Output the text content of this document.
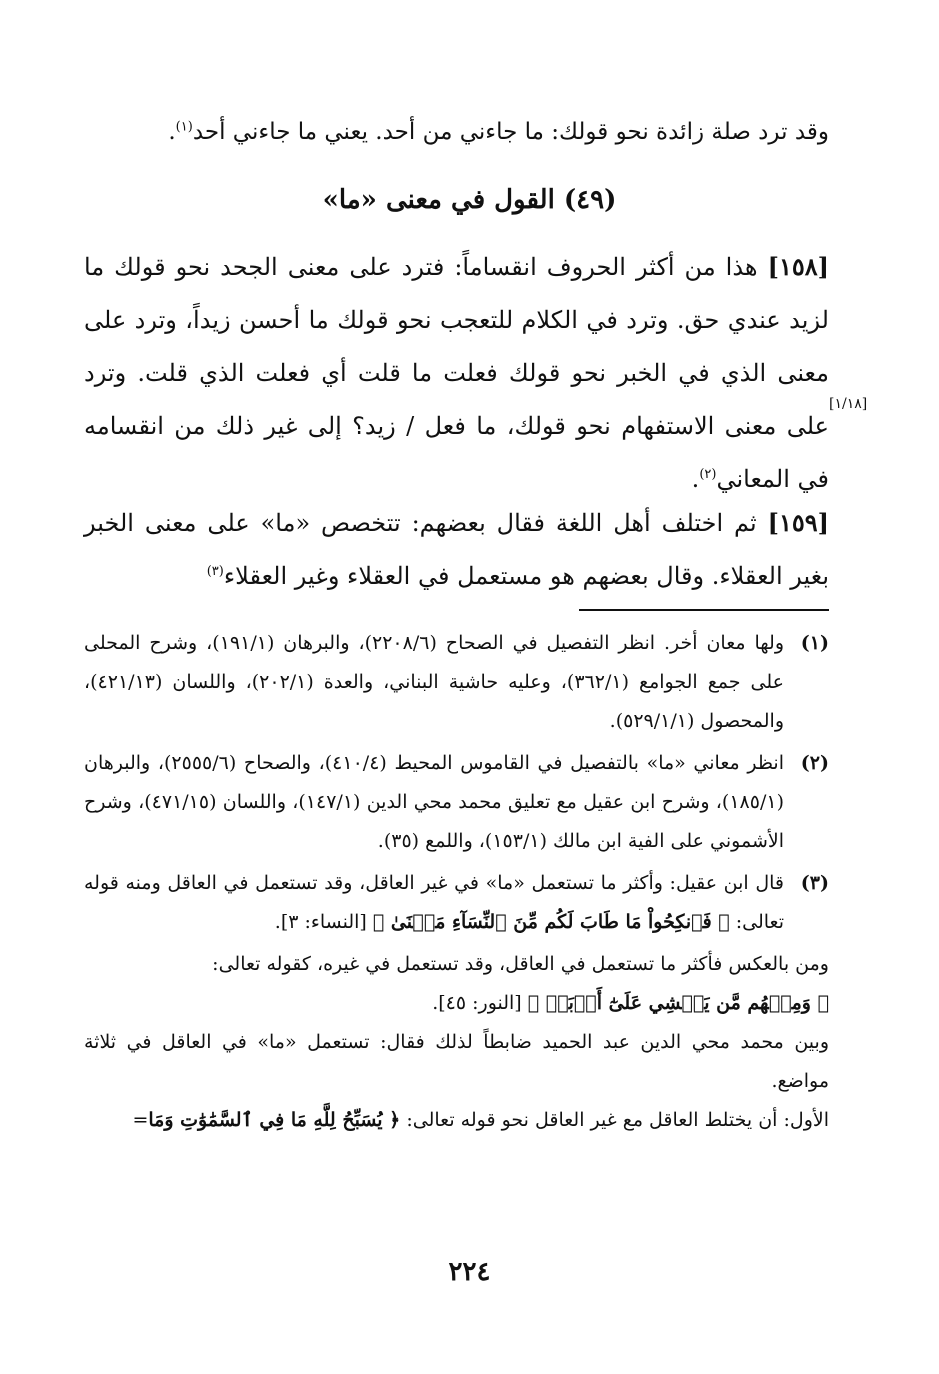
وقد ترد صلة زائدة نحو قولك: ما جاءني من أحد. يعني ما جاءني أحد$^{(١)}$.

(٤٩) القول في معنى «ما»

[١٥٨] هذا من أكثر الحروف انقساماً: فترد على معنى الجحد نحو قولك ما لزيد عندي حق. وترد في الكلام للتعجب نحو قولك ما أحسن زيداً، وترد على معنى الذي في الخبر نحو قولك فعلت ما قلت أي فعلت الذي قلت. وترد على معنى الاستفهام نحو قولك، ما فعل / زيد؟ إلى غير ذلك من انقسامه في المعاني$^{(٢)}$.

[١/١٨]

[١٥٩] ثم اختلف أهل اللغة فقال بعضهم: تتخصص «ما» على معنى الخبر بغير العقلاء. وقال بعضهم هو مستعمل في العقلاء وغير العقلاء$^{(٣)}$

(١)
ولها معان أخر. انظر التفصيل في الصحاح (٢٢٠٨/٦)، والبرهان (١٩١/١)، وشرح المحلى على جمع الجوامع (٣٦٢/١)، وعليه حاشية البناني، والعدة (٢٠٢/١)، واللسان (٤٢١/١٣)، والمحصول (٥٢٩/١/١).
(٢)
انظر معاني «ما» بالتفصيل في القاموس المحيط (٤١٠/٤)، والصحاح (٢٥٥٥/٦)، والبرهان (١٨٥/١)، وشرح ابن عقيل مع تعليق محمد محي الدين (١٤٧/١)، واللسان (٤٧١/١٥)، وشرح الأشموني على الفية ابن مالك (١٥٣/١)، واللمع (٣٥).
(٣)
قال ابن عقيل: وأكثر ما تستعمل «ما» في غير العاقل، وقد تستعمل في العاقل ومنه قوله تعالى: ﴿ فَٱنكِحُواْ مَا طَابَ لَكُم مِّنَ ٱلنِّسَآءِ مَثۡنَىٰ ﴾ [النساء: ٣].
ومن بالعكس فأكثر ما تستعمل في العاقل، وقد تستعمل في غيره، كقوله تعالى:
﴿ وَمِنۡهُم مَّن يَمۡشِي عَلَىٰٓ أَرۡبَعٖ ﴾ [النور: ٤٥].
وبين محمد محي الدين عبد الحميد ضابطاً لذلك فقال: تستعمل «ما» في العاقل في ثلاثة مواضع.
الأول: أن يختلط العاقل مع غير العاقل نحو قوله تعالى: ﴿ يُسَبِّحُ لِلَّهِ مَا فِي ٱلسَّمَٰوَٰتِ وَمَا=
٢٢٤
